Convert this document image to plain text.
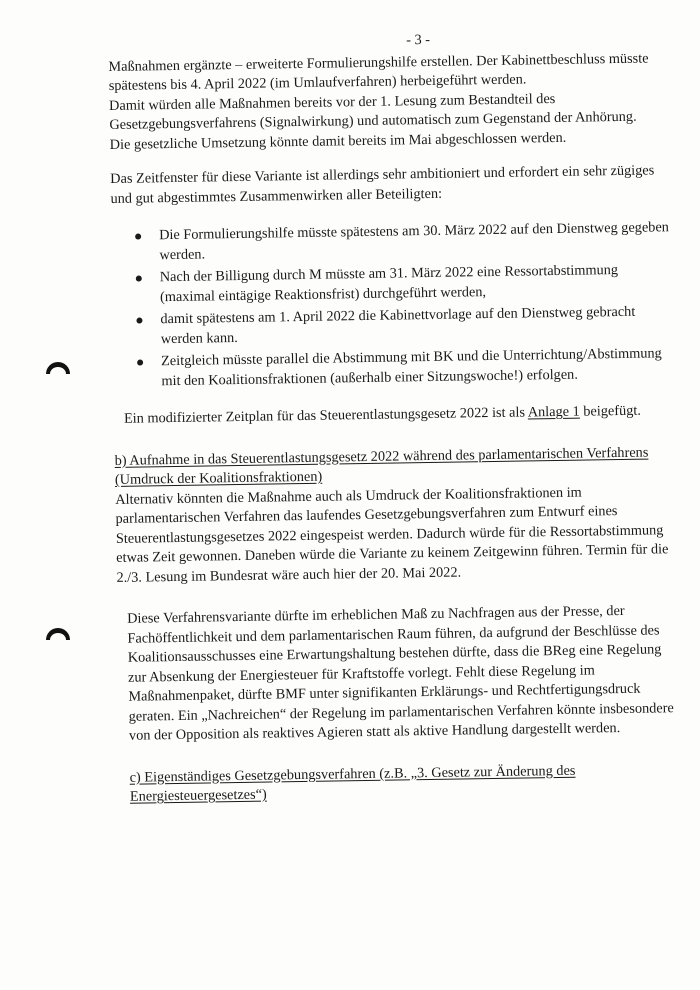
- 3 -

Maßnahmen ergänzte – erweiterte Formulierungshilfe erstellen. Der Kabinettbeschluss müsste spätestens bis 4. April 2022 (im Umlaufverfahren) herbeigeführt werden.

Damit würden alle Maßnahmen bereits vor der 1. Lesung zum Bestandteil des Gesetzgebungsverfahrens (Signalwirkung) und automatisch zum Gegenstand der Anhörung.

Die gesetzliche Umsetzung könnte damit bereits im Mai abgeschlossen werden.

Das Zeitfenster für diese Variante ist allerdings sehr ambitioniert und erfordert ein sehr zügiges und gut abgestimmtes Zusammenwirken aller Beteiligten:

Die Formulierungshilfe müsste spätestens am 30. März 2022 auf den Dienstweg gegeben werden.
Nach der Billigung durch M müsste am 31. März 2022 eine Ressortabstimmung (maximal eintägige Reaktionsfrist) durchgeführt werden,
damit spätestens am 1. April 2022 die Kabinettvorlage auf den Dienstweg gebracht werden kann.
Zeitgleich müsste parallel die Abstimmung mit BK und die Unterrichtung/Abstimmung mit den Koalitionsfraktionen (außerhalb einer Sitzungswoche!) erfolgen.

Ein modifizierter Zeitplan für das Steuerentlastungsgesetz 2022 ist als Anlage 1 beigefügt.

b) Aufnahme in das Steuerentlastungsgesetz 2022 während des parlamentarischen Verfahrens (Umdruck der Koalitionsfraktionen)

Alternativ könnten die Maßnahme auch als Umdruck der Koalitionsfraktionen im parlamentarischen Verfahren das laufendes Gesetzgebungsverfahren zum Entwurf eines Steuerentlastungsgesetzes 2022 eingespeist werden. Dadurch würde für die Ressortabstimmung etwas Zeit gewonnen. Daneben würde die Variante zu keinem Zeitgewinn führen. Termin für die 2./3. Lesung im Bundesrat wäre auch hier der 20. Mai 2022.

Diese Verfahrensvariante dürfte im erheblichen Maß zu Nachfragen aus der Presse, der Fachöffentlichkeit und dem parlamentarischen Raum führen, da aufgrund der Beschlüsse des Koalitionsausschusses eine Erwartungshaltung bestehen dürfte, dass die BReg eine Regelung zur Absenkung der Energiesteuer für Kraftstoffe vorlegt. Fehlt diese Regelung im Maßnahmenpaket, dürfte BMF unter signifikanten Erklärungs- und Rechtfertigungsdruck geraten. Ein „Nachreichen“ der Regelung im parlamentarischen Verfahren könnte insbesondere von der Opposition als reaktives Agieren statt als aktive Handlung dargestellt werden.

c) Eigenständiges Gesetzgebungsverfahren (z.B. „3. Gesetz zur Änderung des Energiesteuergesetzes“)
